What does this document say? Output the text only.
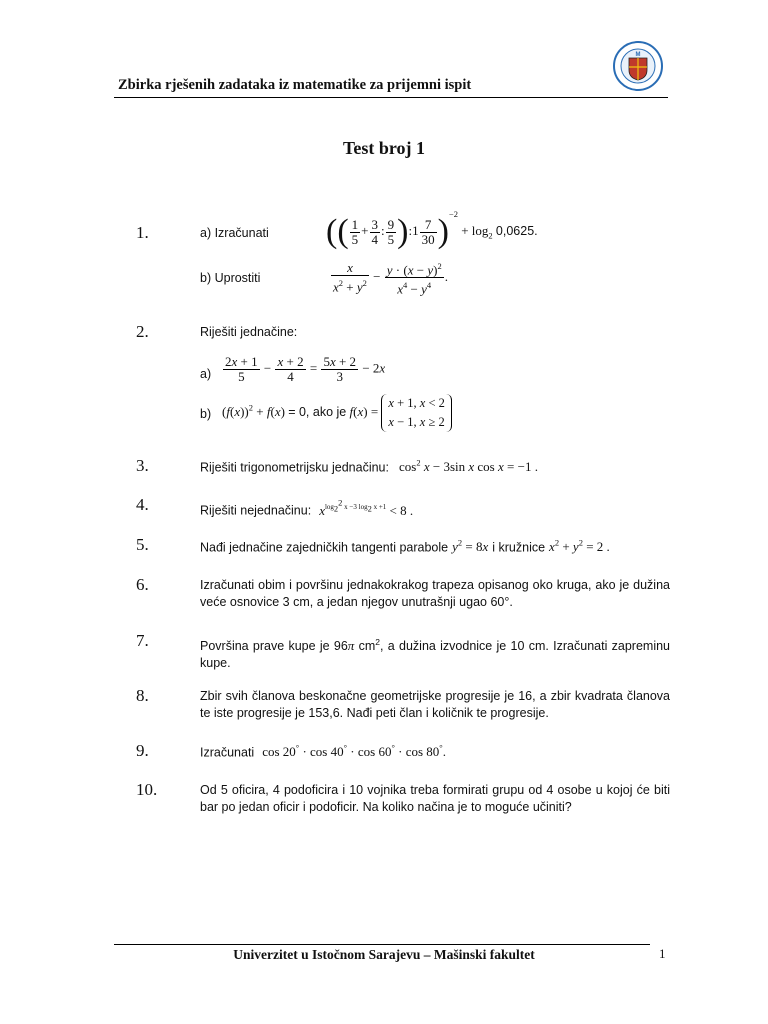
Zbirka rješenih zadataka iz matematike za prijemni ispit
M
Test broj 1
1.	a) Izračunati (( $\frac{1}{5} + \frac{3}{4}$ : $\frac{9}{5}$ ):1 $\frac{7}{30} )^{-2} + \log_2 0,0625$.
b) Uprostiti	$\frac{x}{x^2 + y^2} - \frac{y \cdot (x - y)^2}{x^4 - y^4}$ .
2.	Riješiti jednačine:
$a) \frac{2x + 1}{5} - \frac{x + 2}{4} = \frac{5x + 2}{3} - 2x$
b) $(f(x))^2 + f(x) = 0$, ako je f(x) =
x + 1, x < 2
x − 1, x ≥ 2
3.	Riješiti trigonometrijsku jednačinu: $\cos^2 x - 3\sin$ x cos x = −1 .
4.	Riješiti nejednačinu: $x^{log_2^2 x -3 log_2 x +1} < 8$ .
5.	Nađi jednačine zajedničkih tangenti parabole $y^2 = 8x$ i kružnice $x^2 + y^2 = 2$ .
6.	Izračunati obim i površinu jednakokrakog trapeza opisanog oko kruga, ako je dužina veće osnovice 3 cm, a jedan njegov unutrašnji ugao 60°.
7.	Površina prave kupe je 96π $cm^2$, a dužina izvodnice je 10 cm. Izračunati zapreminu kupe.
8.	Zbir svih članova beskonačne geometrijske progresije je 16, a zbir kvadrata članova te iste progresije je 153,6. Nađi peti član i količnik te progresije.
9.	Izračunati cos 20° · cos 40° · cos 60° · cos 80°.
10.	Od 5 oficira, 4 podoficira i 10 vojnika treba formirati grupu od 4 osobe u kojoj će biti bar po jedan oficir i podoficir. Na koliko načina je to moguće učiniti?
Univerzitet u Istočnom Sarajevu – Mašinski fakultet	1
